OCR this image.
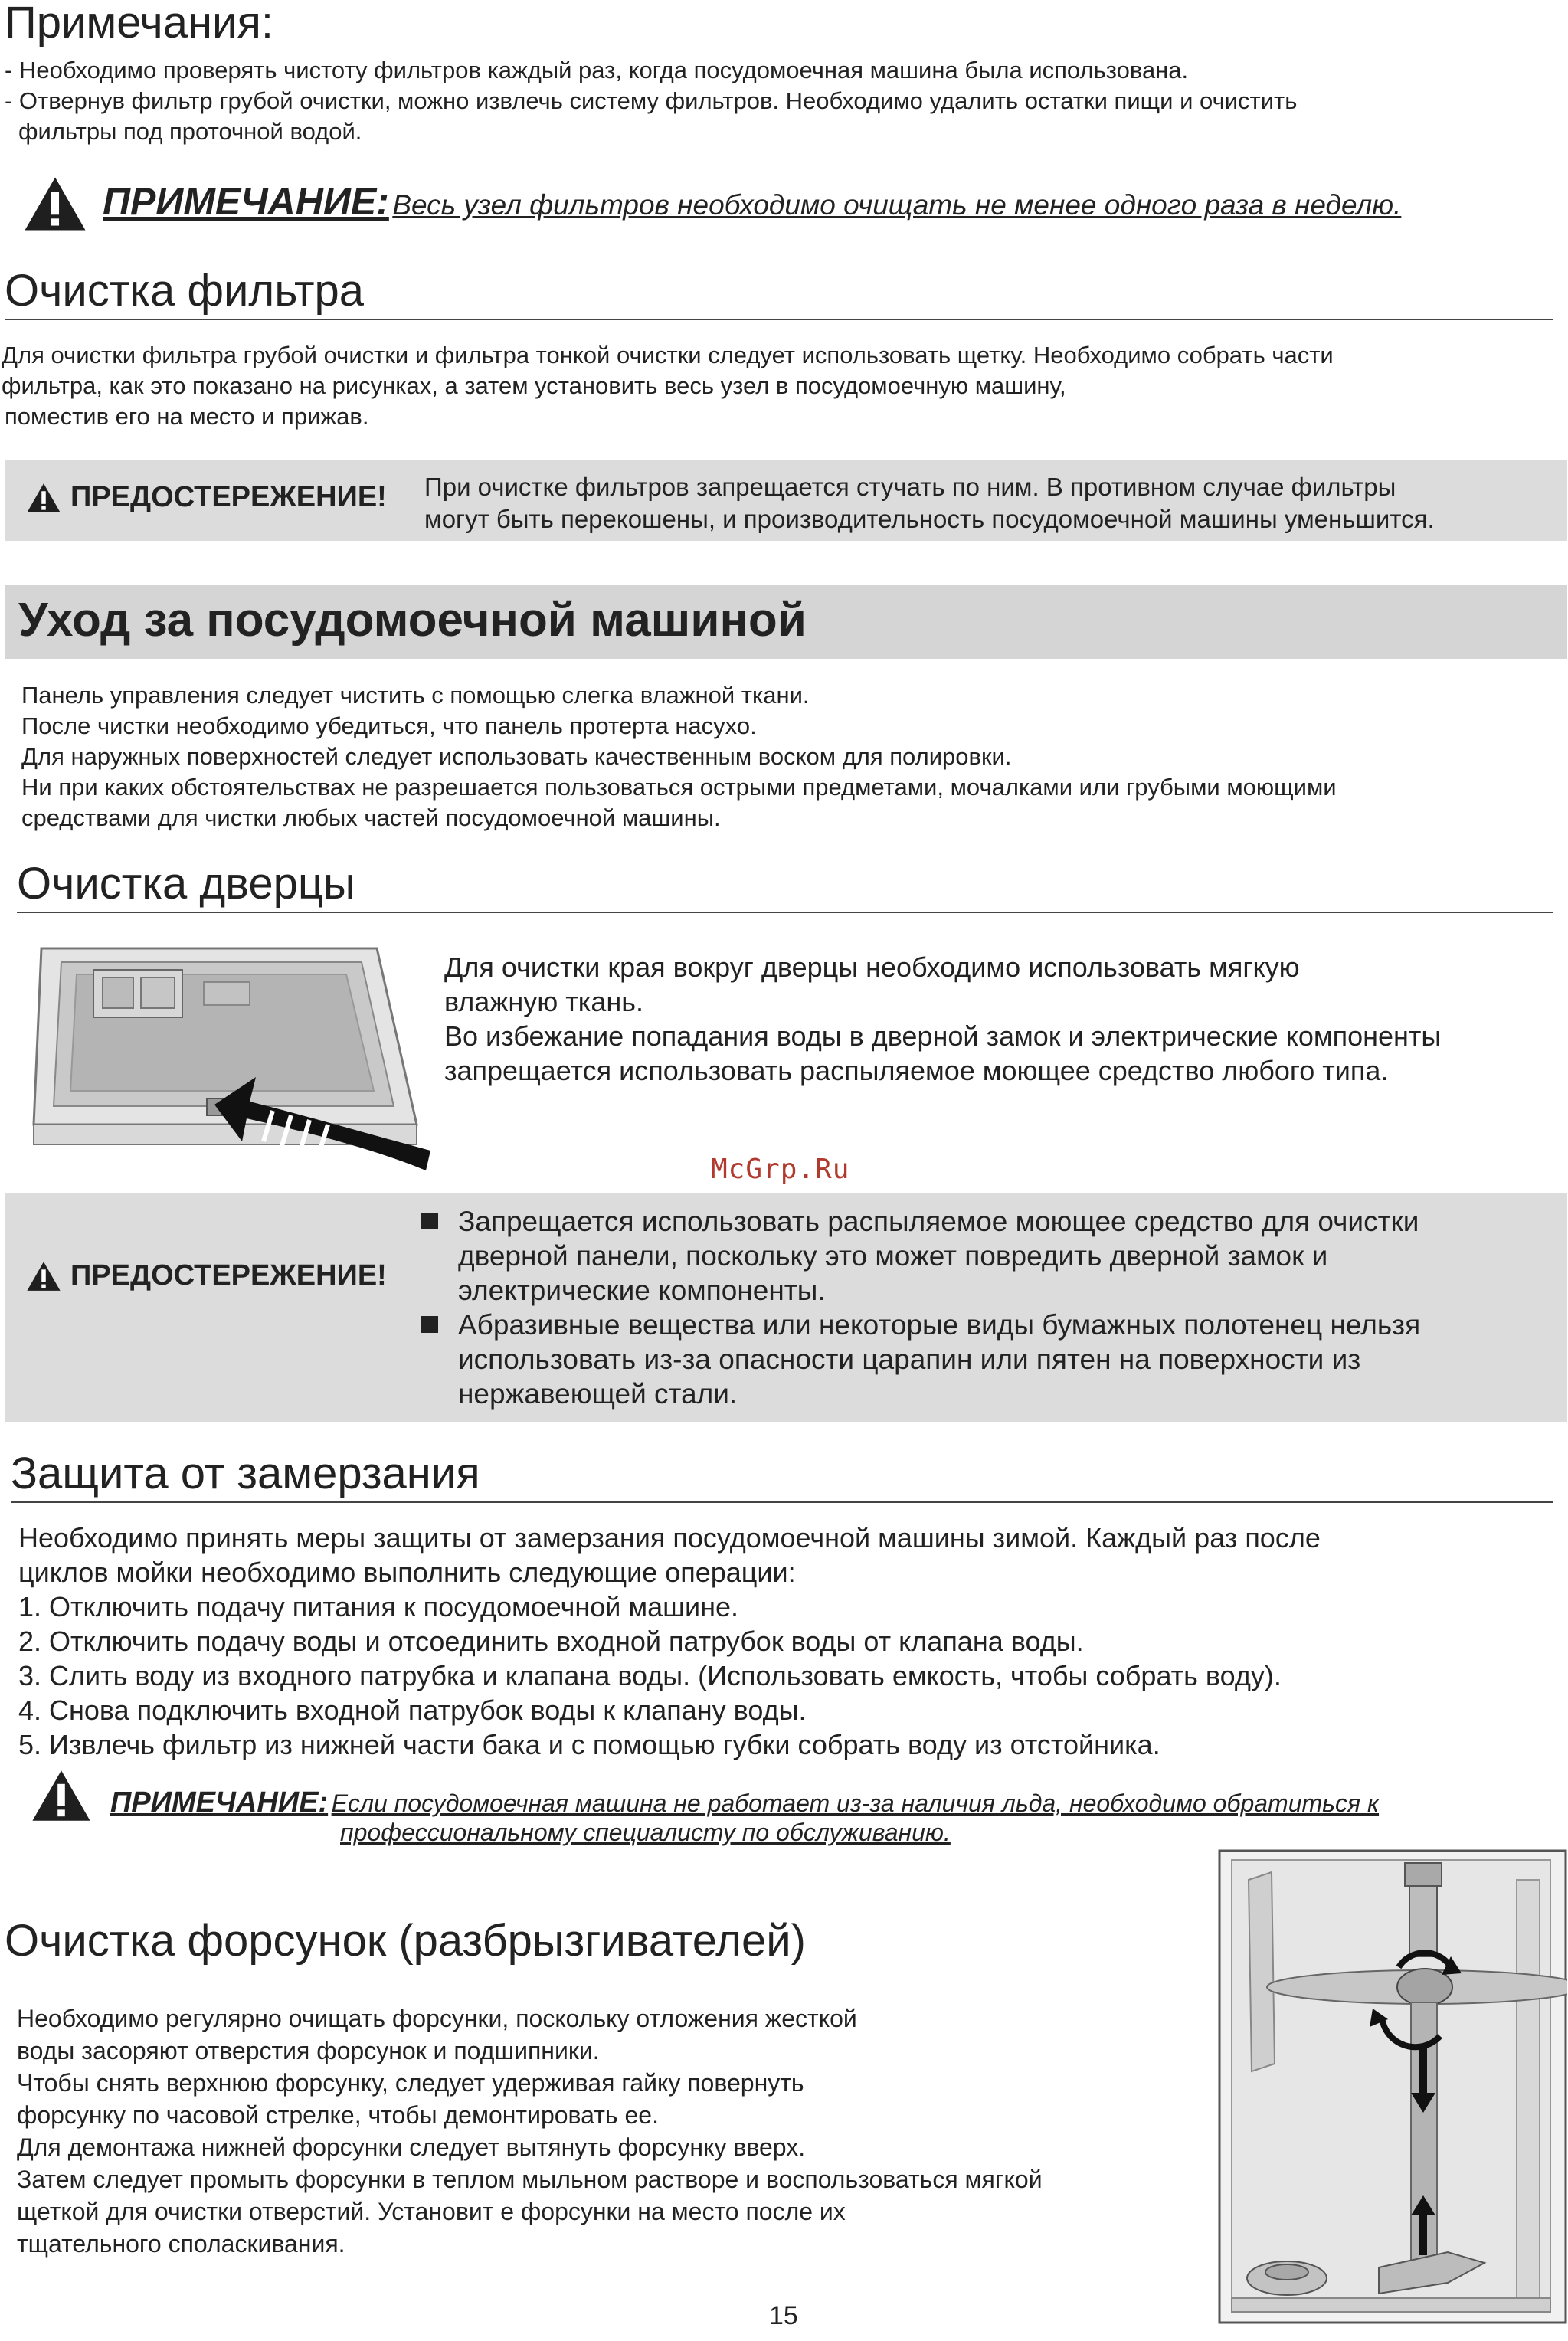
Примечания:
- Необходимо проверять чистоту фильтров каждый раз, когда посудомоечная машина была использована.
- Отвернув фильтр грубой очистки, можно извлечь систему фильтров. Необходимо удалить остатки пищи и очистить
фильтры под проточной водой.
ПРИМЕЧАНИЕ: Весь узел фильтров необходимо очищать не менее одного раза в неделю.
Очистка фильтра
Для очистки фильтра грубой очистки и фильтра тонкой очистки следует использовать щетку. Необходимо собрать части
фильтра, как это показано на рисунках, а затем установить весь узел в посудомоечную машину,
поместив его на место и прижав.
ПРЕДОСТЕРЕЖЕНИЕ! При очистке фильтров запрещается стучать по ним. В противном случае фильтры
могут быть перекошены, и производительность посудомоечной машины уменьшится.
Уход за посудомоечной машиной
Панель управления следует чистить с помощью слегка влажной ткани.
После чистки необходимо убедиться, что панель протерта насухо.
Для наружных поверхностей следует использовать качественным воском для полировки.
Ни при каких обстоятельствах не разрешается пользоваться острыми предметами, мочалками или грубыми моющими
средствами для чистки любых частей посудомоечной машины.
Очистка дверцы
Для очистки края вокруг дверцы необходимо использовать мягкую
влажную ткань.
Во избежание попадания воды в дверной замок и электрические компоненты
запрещается использовать распыляемое моющее средство любого типа.
McGrp.Ru
ПРЕДОСТЕРЕЖЕНИЕ!
Запрещается использовать распыляемое моющее средство для очистки
дверной панели, поскольку это может повредить дверной замок и
электрические компоненты.
Абразивные вещества или некоторые виды бумажных полотенец нельзя
использовать из-за опасности царапин или пятен на поверхности из
нержавеющей стали.
Защита от замерзания
Необходимо принять меры защиты от замерзания посудомоечной машины зимой. Каждый раз после
циклов мойки необходимо выполнить следующие операции:
1. Отключить подачу питания к посудомоечной машине.
2. Отключить подачу воды и отсоединить входной патрубок воды от клапана воды.
3. Слить воду из входного патрубка и клапана воды. (Использовать емкость, чтобы собрать воду).
4. Снова подключить входной патрубок воды к клапану воды.
5. Извлечь фильтр из нижней части бака и с помощью губки собрать воду из отстойника.
ПРИМЕЧАНИЕ: Если посудомоечная машина не работает из-за наличия льда, необходимо обратиться к
профессиональному специалисту по обслуживанию.
Очистка форсунок (разбрызгивателей)
Необходимо регулярно очищать форсунки, поскольку отложения жесткой
воды засоряют отверстия форсунок и подшипники.
Чтобы снять верхнюю форсунку, следует удерживая гайку повернуть
форсунку по часовой стрелке, чтобы демонтировать ее.
Для демонтажа нижней форсунки следует вытянуть форсунку вверх.
Затем следует промыть форсунки в теплом мыльном растворе и воспользоваться мягкой
щеткой для очистки отверстий. Установит е форсунки на место после их
тщательного споласкивания.
15
